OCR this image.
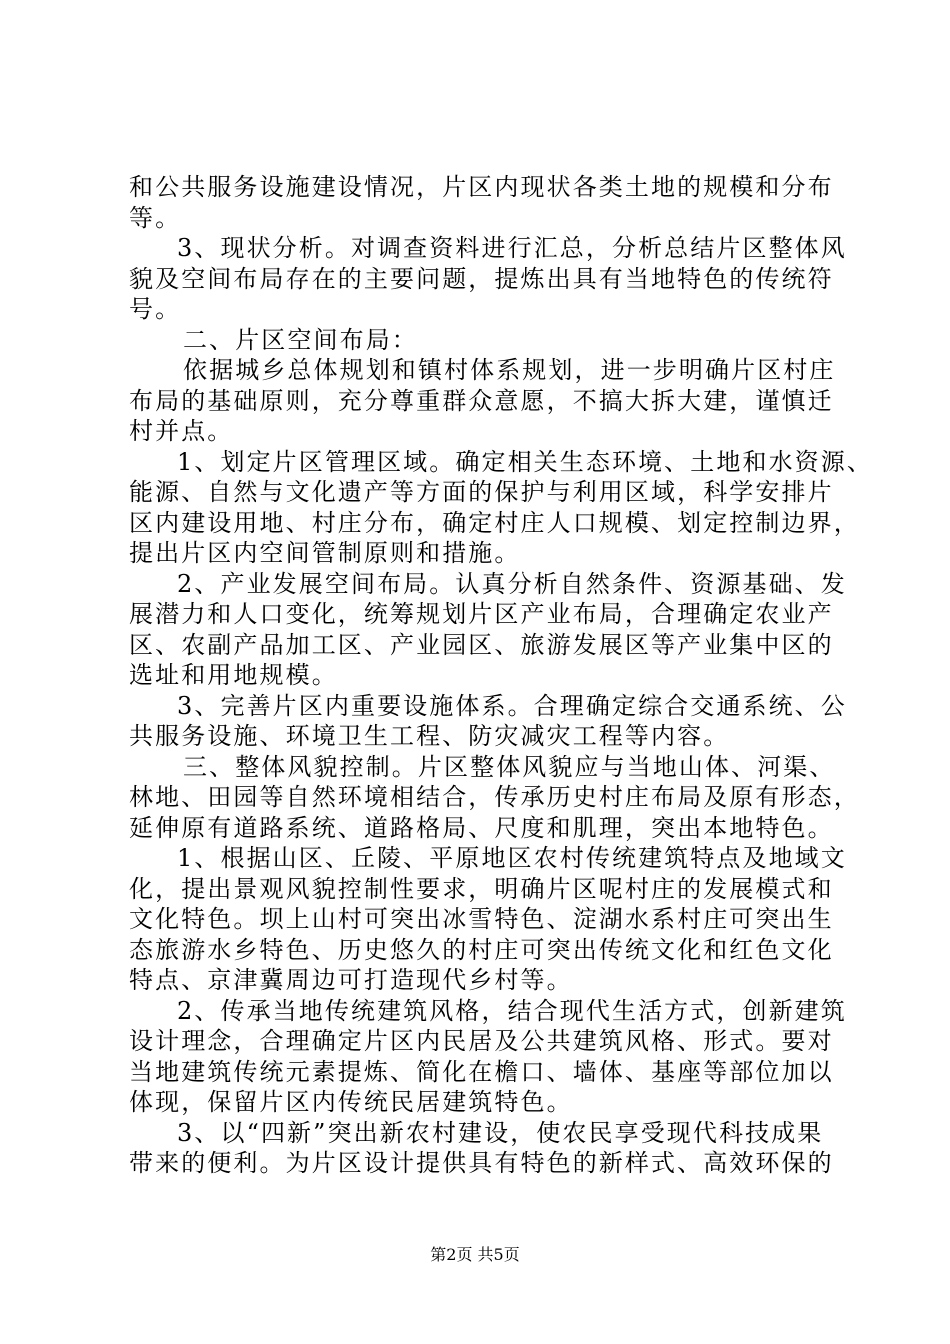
和公共服务设施建设情况，片区内现状各类土地的规模和分布
等。
3、现状分析。对调查资料进行汇总，分析总结片区整体风
貌及空间布局存在的主要问题，提炼出具有当地特色的传统符
号。
二、片区空间布局：
依据城乡总体规划和镇村体系规划，进一步明确片区村庄
布局的基础原则，充分尊重群众意愿，不搞大拆大建，谨慎迁
村并点。
1、划定片区管理区域。确定相关生态环境、土地和水资源、
能源、自然与文化遗产等方面的保护与利用区域，科学安排片
区内建设用地、村庄分布，确定村庄人口规模、划定控制边界，
提出片区内空间管制原则和措施。
2、产业发展空间布局。认真分析自然条件、资源基础、发
展潜力和人口变化，统筹规划片区产业布局，合理确定农业产
区、农副产品加工区、产业园区、旅游发展区等产业集中区的
选址和用地规模。
3、完善片区内重要设施体系。合理确定综合交通系统、公
共服务设施、环境卫生工程、防灾减灾工程等内容。
三、整体风貌控制。片区整体风貌应与当地山体、河渠、
林地、田园等自然环境相结合，传承历史村庄布局及原有形态，
延伸原有道路系统、道路格局、尺度和肌理，突出本地特色。
1、根据山区、丘陵、平原地区农村传统建筑特点及地域文
化，提出景观风貌控制性要求，明确片区呢村庄的发展模式和
文化特色。坝上山村可突出冰雪特色、淀湖水系村庄可突出生
态旅游水乡特色、历史悠久的村庄可突出传统文化和红色文化
特点、京津冀周边可打造现代乡村等。
2、传承当地传统建筑风格，结合现代生活方式，创新建筑
设计理念，合理确定片区内民居及公共建筑风格、形式。要对
当地建筑传统元素提炼、简化在檐口、墙体、基座等部位加以
体现，保留片区内传统民居建筑特色。
3、以“四新”突出新农村建设，使农民享受现代科技成果
带来的便利。为片区设计提供具有特色的新样式、高效环保的
第2页 共5页
